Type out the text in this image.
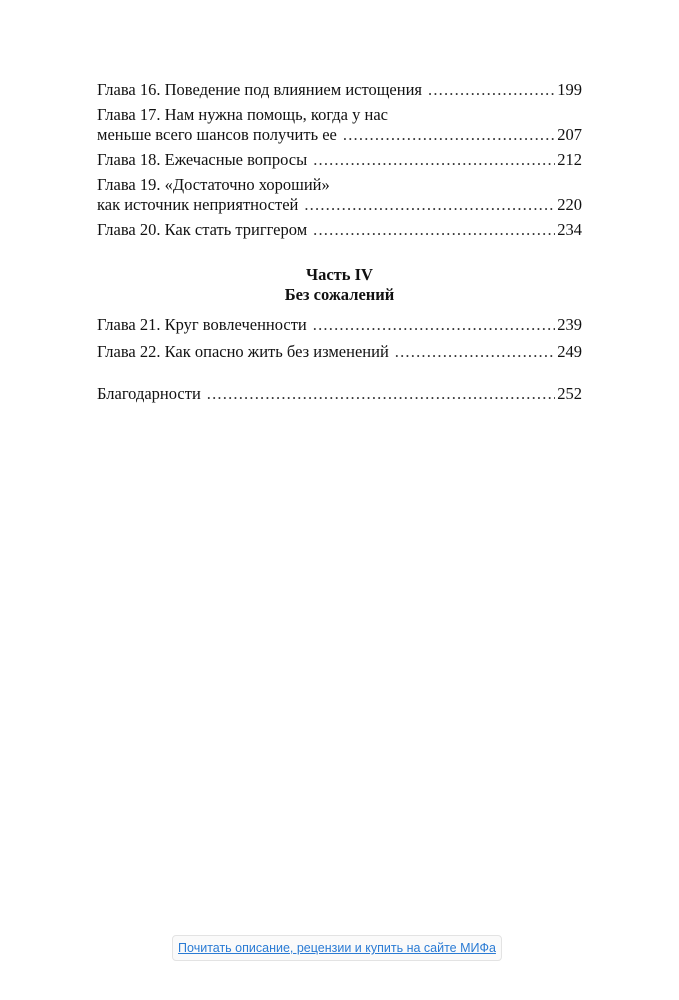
Глава 16. Поведение под влиянием истощения .....	199
Глава 17. Нам нужна помощь, когда у нас
меньше всего шансов получить ее .....	207
Глава 18. Ежечасные вопросы .....	212
Глава 19. «Достаточно хороший»
как источник неприятностей .....	220
Глава 20. Как стать триггером .....	234
Часть IV
Без сожалений
Глава 21. Круг вовлеченности .....	239
Глава 22. Как опасно жить без изменений .....	249
Благодарности .....	252
Почитать описание, рецензии и купить на сайте МИФа
